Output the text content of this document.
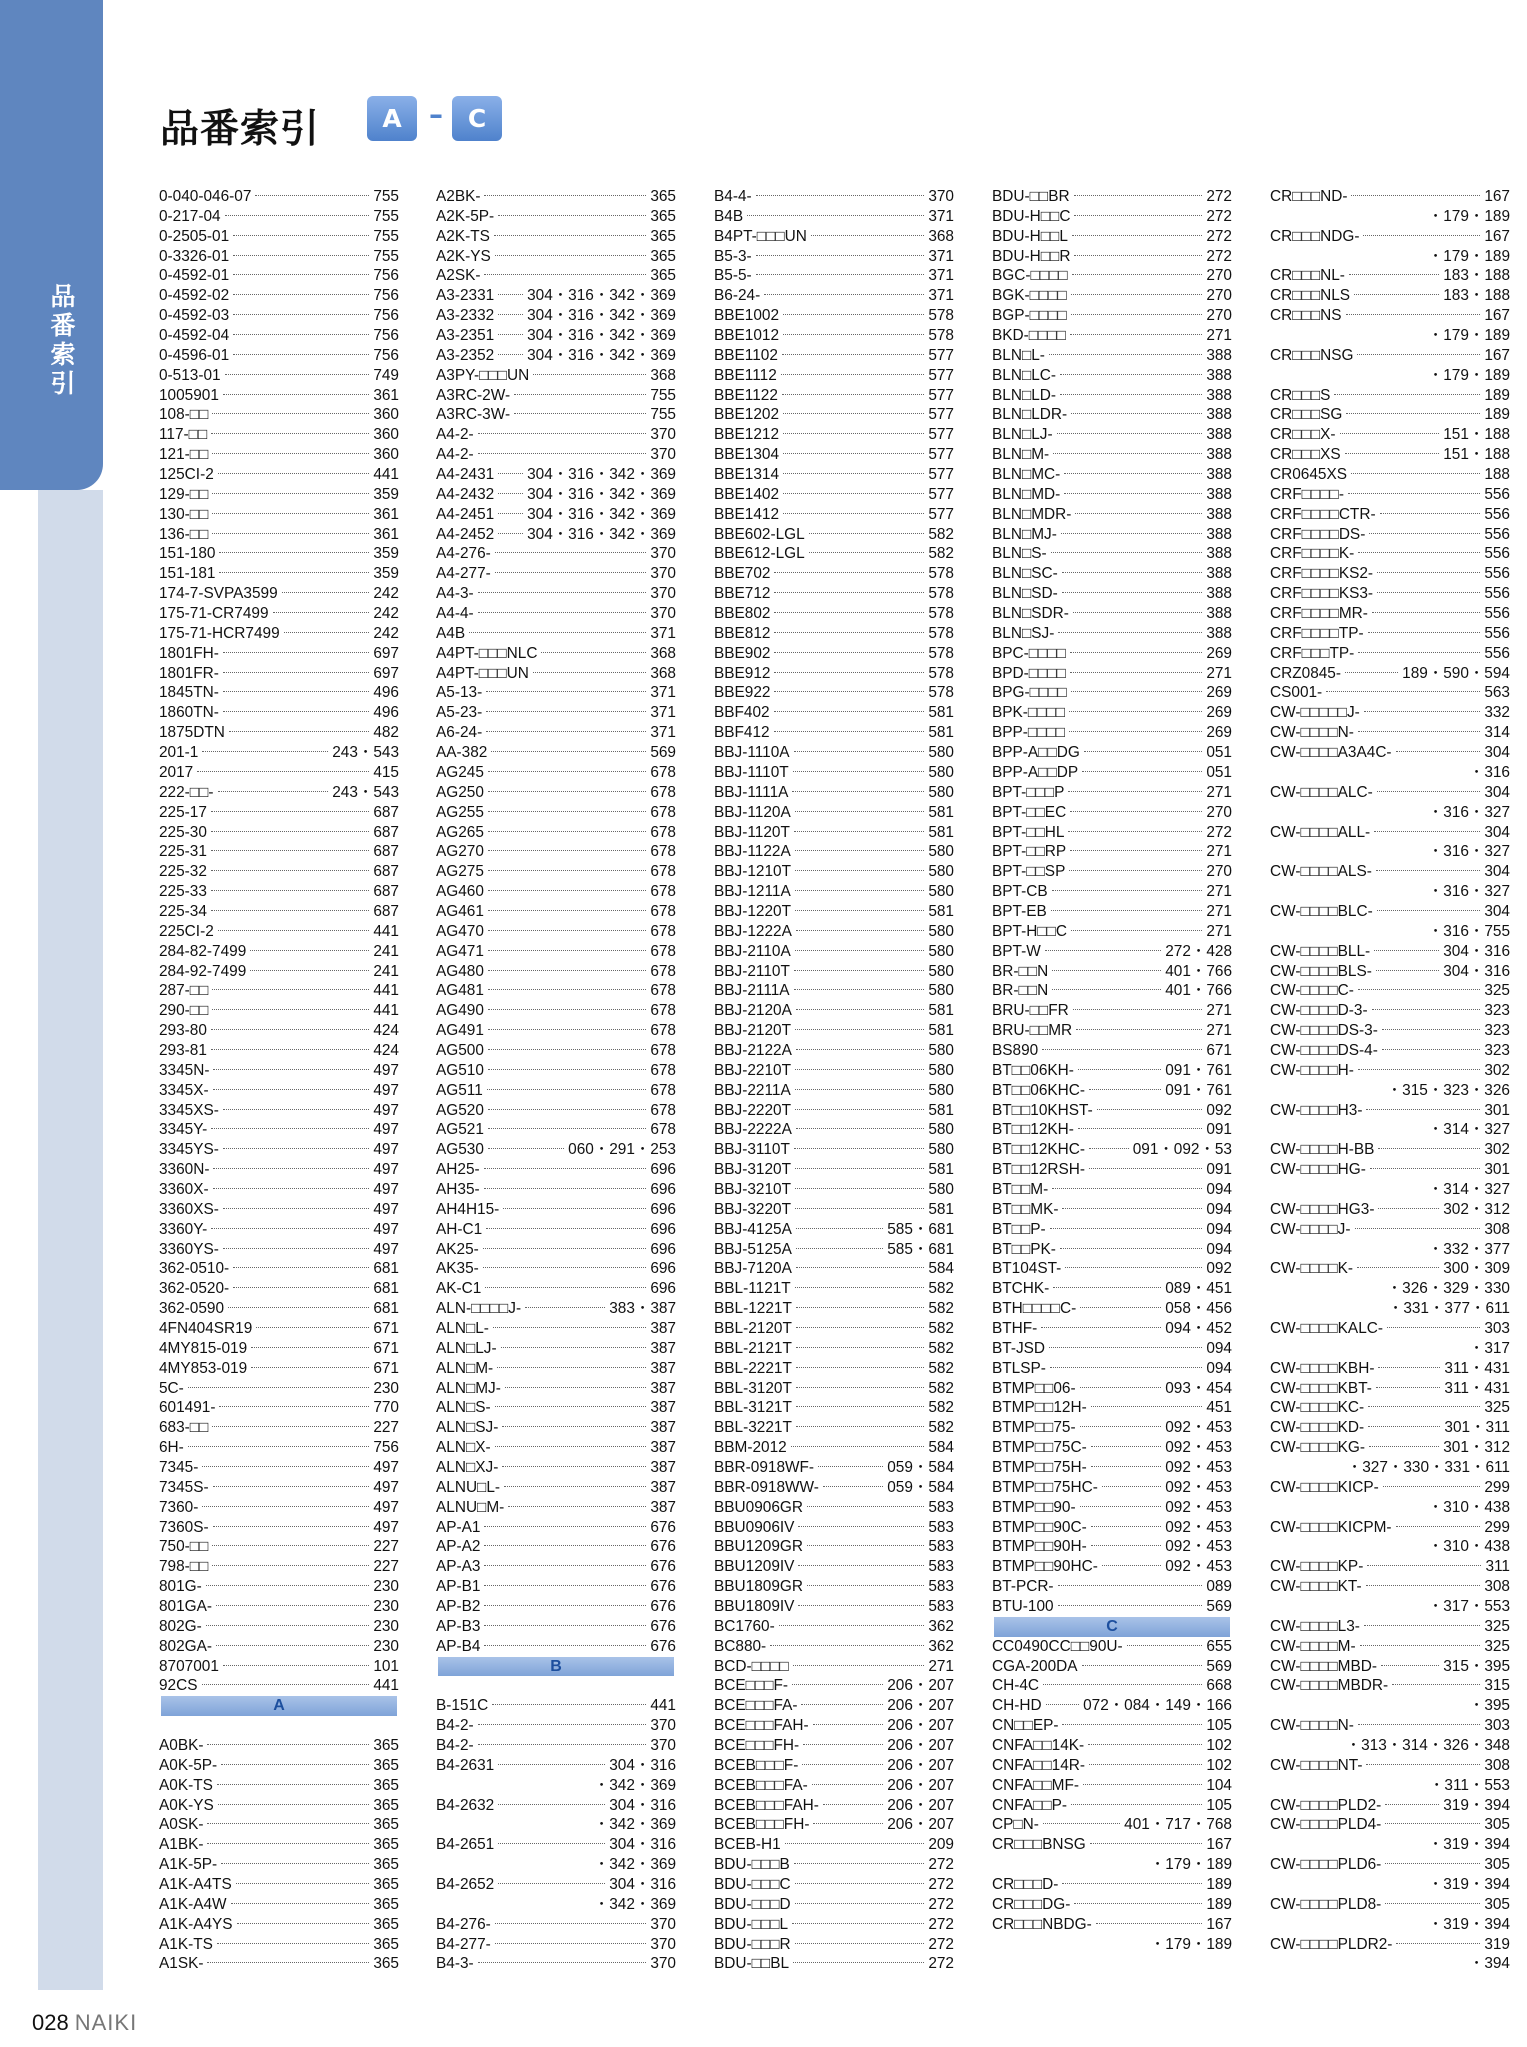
品番索引
品番索引	A – C
0-040-046-07	755
0-217-04	755
0-2505-01	755
0-3326-01	755
0-4592-01	756
0-4592-02	756
0-4592-03	756
0-4592-04	756
0-4596-01	756
0-513-01	749
1005901	361
108-□□	360
117-□□	360
121-□□	360
125CI-2	441
129-□□	359
130-□□	361
136-□□	361
151-180	359
151-181	359
174-7-SVPA3599	242
175-71-CR7499	242
175-71-HCR7499	242
1801FH-	697
1801FR-	697
1845TN-	496
1860TN-	496
1875DTN	482
201-1	243・543
2017	415
222-□□-	243・543
225-17	687
225-30	687
225-31	687
225-32	687
225-33	687
225-34	687
225CI-2	441
284-82-7499	241
284-92-7499	241
287-□□	441
290-□□	441
293-80	424
293-81	424
3345N-	497
3345X-	497
3345XS-	497
3345Y-	497
3345YS-	497
3360N-	497
3360X-	497
3360XS-	497
3360Y-	497
3360YS-	497
362-0510-	681
362-0520-	681
362-0590	681
4FN404SR19	671
4MY815-019	671
4MY853-019	671
5C-	230
601491-	770
683-□□	227
6H-	756
7345-	497
7345S-	497
7360-	497
7360S-	497
750-□□	227
798-□□	227
801G-	230
801GA-	230
802G-	230
802GA-	230
8707001	101
92CS	441
A
A0BK-	365
A0K-5P-	365
A0K-TS	365
A0K-YS	365
A0SK-	365
A1BK-	365
A1K-5P-	365
A1K-A4TS	365
A1K-A4W	365
A1K-A4YS	365
A1K-TS	365
A1SK-	365
A2BK-	365
A2K-5P-	365
A2K-TS	365
A2K-YS	365
A2SK-	365
A3-2331 304・316・342・369
A3-2332 304・316・342・369
A3-2351 304・316・342・369
A3-2352 304・316・342・369
A3PY-□□□UN	368
A3RC-2W-	755
A3RC-3W-	755
A4-2-	370
A4-2-	370
A4-2431 304・316・342・369
A4-2432 304・316・342・369
A4-2451 304・316・342・369
A4-2452 304・316・342・369
A4-276-	370
A4-277-	370
A4-3-	370
A4-4-	370
A4B	371
A4PT-□□□NLC	368
A4PT-□□□UN	368
A5-13-	371
A5-23-	371
A6-24-	371
AA-382	569
AG245	678
AG250	678
AG255	678
AG265	678
AG270	678
AG275	678
AG460	678
AG461	678
AG470	678
AG471	678
AG480	678
AG481	678
AG490	678
AG491	678
AG500	678
AG510	678
AG511	678
AG520	678
AG521	678
AG530	060・291・253
AH25-	696
AH35-	696
AH4H15-	696
AH-C1	696
AK25-	696
AK35-	696
AK-C1	696
ALN-□□□□J-	383・387
ALN□L-	387
ALN□LJ-	387
ALN□M-	387
ALN□MJ-	387
ALN□S-	387
ALN□SJ-	387
ALN□X-	387
ALN□XJ-	387
ALNU□L-	387
ALNU□M-	387
AP-A1	676
AP-A2	676
AP-A3	676
AP-B1	676
AP-B2	676
AP-B3	676
AP-B4	676
B
B-151C	441
B4-2-	370
B4-2-	370
B4-2631	304・316
・342・369
B4-2632	304・316
・342・369
B4-2651	304・316
・342・369
B4-2652	304・316
・342・369
B4-276-	370
B4-277-	370
B4-3-	370
B4-4-	370
B4B	371
B4PT-□□□UN	368
B5-3-	371
B5-5-	371
B6-24-	371
BBE1002	578
BBE1012	578
BBE1102	577
BBE1112	577
BBE1122	577
BBE1202	577
BBE1212	577
BBE1304	577
BBE1314	577
BBE1402	577
BBE1412	577
BBE602-LGL	582
BBE612-LGL	582
BBE702	578
BBE712	578
BBE802	578
BBE812	578
BBE902	578
BBE912	578
BBE922	578
BBF402	581
BBF412	581
BBJ-1110A	580
BBJ-1110T	580
BBJ-1111A	580
BBJ-1120A	581
BBJ-1120T	581
BBJ-1122A	580
BBJ-1210T	580
BBJ-1211A	580
BBJ-1220T	581
BBJ-1222A	580
BBJ-2110A	580
BBJ-2110T	580
BBJ-2111A	580
BBJ-2120A	581
BBJ-2120T	581
BBJ-2122A	580
BBJ-2210T	580
BBJ-2211A	580
BBJ-2220T	581
BBJ-2222A	580
BBJ-3110T	580
BBJ-3120T	581
BBJ-3210T	580
BBJ-3220T	581
BBJ-4125A	585・681
BBJ-5125A	585・681
BBJ-7120A	584
BBL-1121T	582
BBL-1221T	582
BBL-2120T	582
BBL-2121T	582
BBL-2221T	582
BBL-3120T	582
BBL-3121T	582
BBL-3221T	582
BBM-2012	584
BBR-0918WF-	059・584
BBR-0918WW-	059・584
BBU0906GR	583
BBU0906IV	583
BBU1209GR	583
BBU1209IV	583
BBU1809GR	583
BBU1809IV	583
BC1760-	362
BC880-	362
BCD-□□□□	271
BCE□□□F-	206・207
BCE□□□FA-	206・207
BCE□□□FAH-	206・207
BCE□□□FH-	206・207
BCEB□□□F-	206・207
BCEB□□□FA-	206・207
BCEB□□□FAH-	206・207
BCEB□□□FH-	206・207
BCEB-H1	209
BDU-□□□B	272
BDU-□□□C	272
BDU-□□□D	272
BDU-□□□L	272
BDU-□□□R	272
BDU-□□BL	272
BDU-□□BR	272
BDU-H□□C	272
BDU-H□□L	272
BDU-H□□R	272
BGC-□□□□	270
BGK-□□□□	270
BGP-□□□□	270
BKD-□□□□	271
BLN□L-	388
BLN□LC-	388
BLN□LD-	388
BLN□LDR-	388
BLN□LJ-	388
BLN□M-	388
BLN□MC-	388
BLN□MD-	388
BLN□MDR-	388
BLN□MJ-	388
BLN□S-	388
BLN□SC-	388
BLN□SD-	388
BLN□SDR-	388
BLN□SJ-	388
BPC-□□□□	269
BPD-□□□□	271
BPG-□□□□	269
BPK-□□□□	269
BPP-□□□□	269
BPP-A□□DG	051
BPP-A□□DP	051
BPT-□□□P	271
BPT-□□EC	270
BPT-□□HL	272
BPT-□□RP	271
BPT-□□SP	270
BPT-CB	271
BPT-EB	271
BPT-H□□C	271
BPT-W	272・428
BR-□□N	401・766
BR-□□N	401・766
BRU-□□FR	271
BRU-□□MR	271
BS890	671
BT□□06KH-	091・761
BT□□06KHC-	091・761
BT□□10KHST-	092
BT□□12KH-	091
BT□□12KHC-	091・092・53
BT□□12RSH-	091
BT□□M-	094
BT□□MK-	094
BT□□P-	094
BT□□PK-	094
BT104ST-	092
BTCHK-	089・451
BTH□□□□C-	058・456
BTHF-	094・452
BT-JSD	094
BTLSP-	094
BTMP□□06-	093・454
BTMP□□12H-	451
BTMP□□75-	092・453
BTMP□□75C-	092・453
BTMP□□75H-	092・453
BTMP□□75HC-	092・453
BTMP□□90-	092・453
BTMP□□90C-	092・453
BTMP□□90H-	092・453
BTMP□□90HC-	092・453
BT-PCR-	089
BTU-100	569
C
CC0490CC□□90U-	655
CGA-200DA	569
CH-4C	668
CH-HD	072・084・149・166
CN□□EP-	105
CNFA□□14K-	102
CNFA□□14R-	102
CNFA□□MF-	104
CNFA□□P-	105
CP□N-	401・717・768
CR□□□BNSG	167
・179・189
CR□□□D-	189
CR□□□DG-	189
CR□□□NBDG-	167
・179・189
CR□□□ND-	167
・179・189
CR□□□NDG-	167
・179・189
CR□□□NL-	183・188
CR□□□NLS	183・188
CR□□□NS	167
・179・189
CR□□□NSG	167
・179・189
CR□□□S	189
CR□□□SG	189
CR□□□X-	151・188
CR□□□XS	151・188
CR0645XS	188
CRF□□□□-	556
CRF□□□□CTR-	556
CRF□□□□DS-	556
CRF□□□□K-	556
CRF□□□□KS2-	556
CRF□□□□KS3-	556
CRF□□□□MR-	556
CRF□□□□TP-	556
CRF□□□TP-	556
CRZ0845-	189・590・594
CS001-	563
CW-□□□□□J-	332
CW-□□□□N-	314
CW-□□□□A3A4C-	304
・316
CW-□□□□ALC-	304
・316・327
CW-□□□□ALL-	304
・316・327
CW-□□□□ALS-	304
・316・327
CW-□□□□BLC-	304
・316・755
CW-□□□□BLL-	304・316
CW-□□□□BLS-	304・316
CW-□□□□C-	325
CW-□□□□D-3-	323
CW-□□□□DS-3-	323
CW-□□□□DS-4-	323
CW-□□□□H-	302
・315・323・326
CW-□□□□H3-	301
・314・327
CW-□□□□H-BB	302
CW-□□□□HG-	301
・314・327
CW-□□□□HG3-	302・312
CW-□□□□J-	308
・332・377
CW-□□□□K-	300・309
・326・329・330
・331・377・611
CW-□□□□KALC-	303
・317
CW-□□□□KBH-	311・431
CW-□□□□KBT-	311・431
CW-□□□□KC-	325
CW-□□□□KD-	301・311
CW-□□□□KG-	301・312
・327・330・331・611
CW-□□□□KICP-	299
・310・438
CW-□□□□KICPM-	299
・310・438
CW-□□□□KP-	311
CW-□□□□KT-	308
・317・553
CW-□□□□L3-	325
CW-□□□□M-	325
CW-□□□□MBD-	315・395
CW-□□□□MBDR-	315
・395
CW-□□□□N-	303
・313・314・326・348
CW-□□□□NT-	308
・311・553
CW-□□□□PLD2-	319・394
CW-□□□□PLD4-	305
・319・394
CW-□□□□PLD6-	305
・319・394
CW-□□□□PLD8-	305
・319・394
CW-□□□□PLDR2-	319
・394
028 NAIKI
